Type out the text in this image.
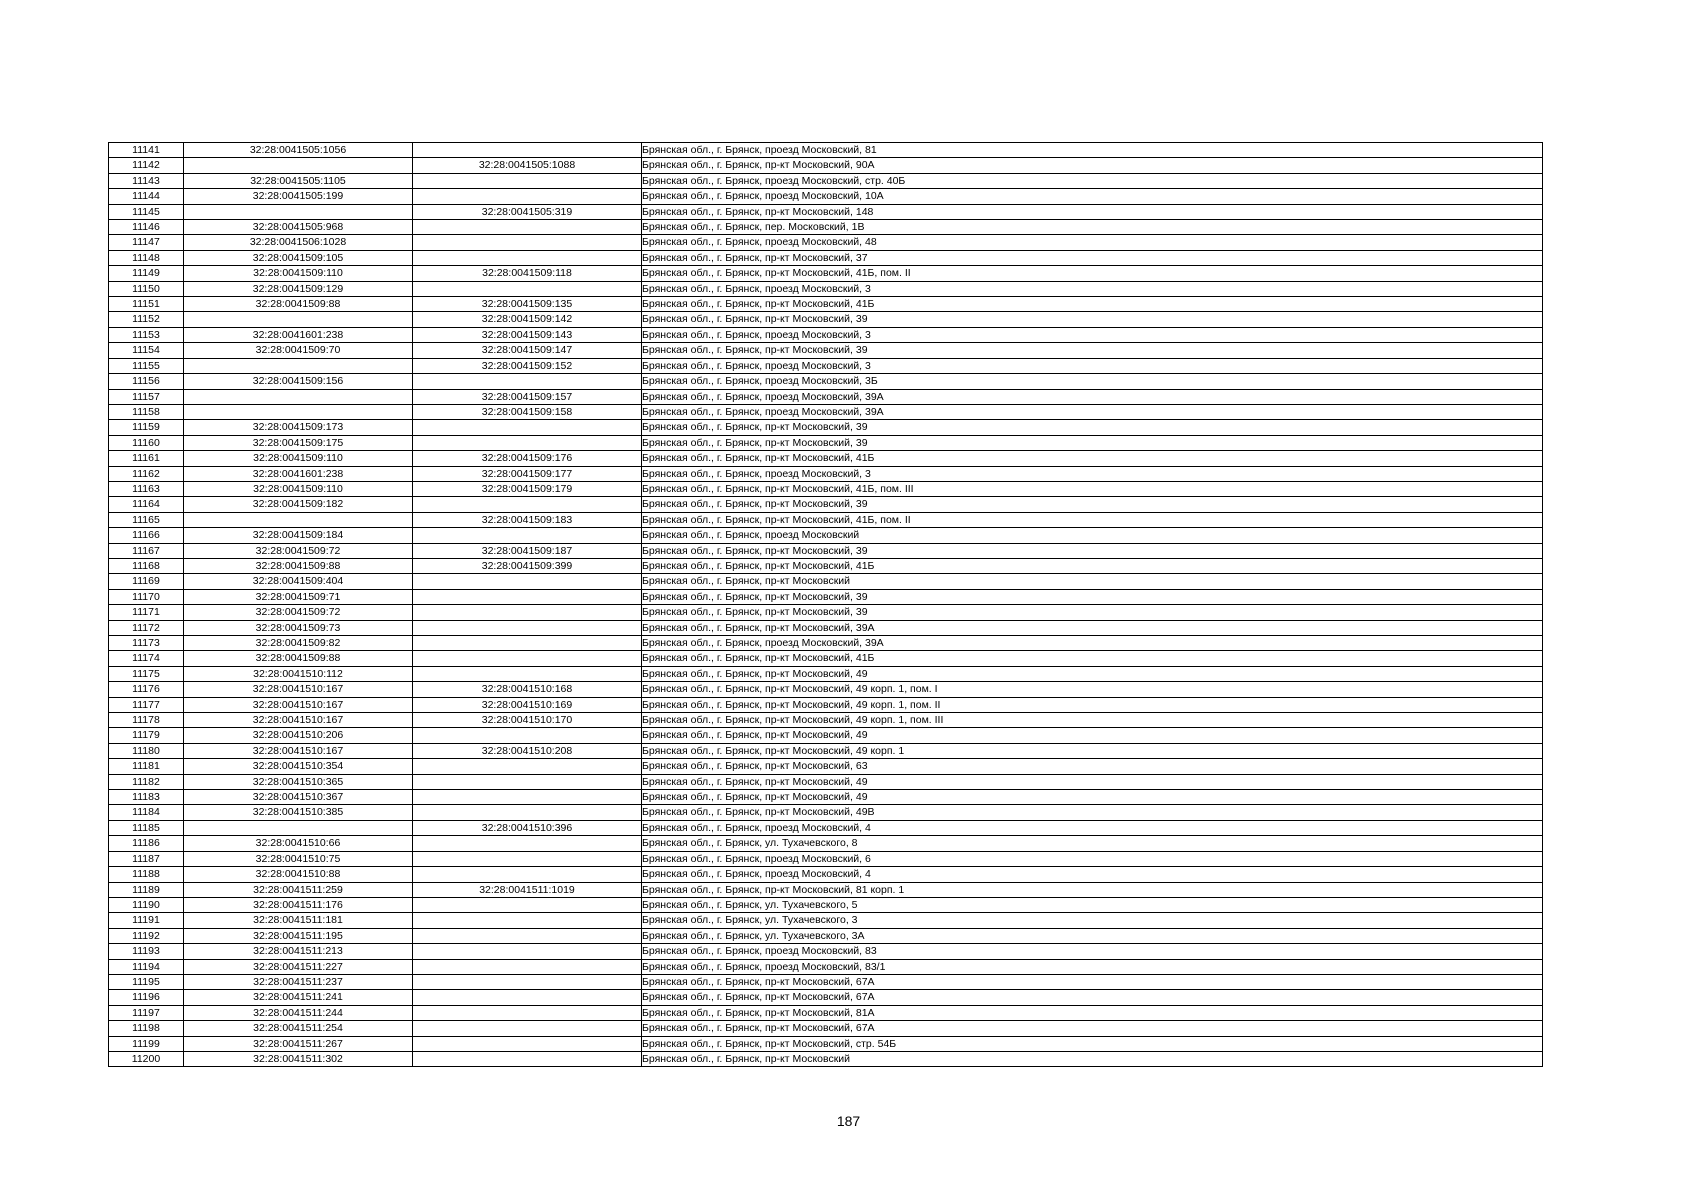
11141	32:28:0041505:1056		Брянская обл., г. Брянск, проезд Московский, 81
11142		32:28:0041505:1088	Брянская обл., г. Брянск, пр-кт Московский, 90А
11143	32:28:0041505:1105		Брянская обл., г. Брянск, проезд Московский, стр. 40Б
11144	32:28:0041505:199		Брянская обл., г. Брянск, проезд Московский, 10А
11145		32:28:0041505:319	Брянская обл., г. Брянск, пр-кт Московский, 148
11146	32:28:0041505:968		Брянская обл., г. Брянск, пер. Московский, 1В
11147	32:28:0041506:1028		Брянская обл., г. Брянск, проезд Московский, 48
11148	32:28:0041509:105		Брянская обл., г. Брянск, пр-кт Московский, 37
11149	32:28:0041509:110	32:28:0041509:118	Брянская обл., г. Брянск, пр-кт Московский, 41Б, пом. II
11150	32:28:0041509:129		Брянская обл., г. Брянск, проезд Московский, 3
11151	32:28:0041509:88	32:28:0041509:135	Брянская обл., г. Брянск, пр-кт Московский, 41Б
11152		32:28:0041509:142	Брянская обл., г. Брянск, пр-кт Московский, 39
11153	32:28:0041601:238	32:28:0041509:143	Брянская обл., г. Брянск, проезд Московский, 3
11154	32:28:0041509:70	32:28:0041509:147	Брянская обл., г. Брянск, пр-кт Московский, 39
11155		32:28:0041509:152	Брянская обл., г. Брянск, проезд Московский, 3
11156	32:28:0041509:156		Брянская обл., г. Брянск, проезд Московский, 3Б
11157		32:28:0041509:157	Брянская обл., г. Брянск, проезд Московский, 39А
11158		32:28:0041509:158	Брянская обл., г. Брянск, проезд Московский, 39А
11159	32:28:0041509:173		Брянская обл., г. Брянск, пр-кт Московский, 39
11160	32:28:0041509:175		Брянская обл., г. Брянск, пр-кт Московский, 39
11161	32:28:0041509:110	32:28:0041509:176	Брянская обл., г. Брянск, пр-кт Московский, 41Б
11162	32:28:0041601:238	32:28:0041509:177	Брянская обл., г. Брянск, проезд Московский, 3
11163	32:28:0041509:110	32:28:0041509:179	Брянская обл., г. Брянск, пр-кт Московский, 41Б, пом. III
11164	32:28:0041509:182		Брянская обл., г. Брянск, пр-кт Московский, 39
11165		32:28:0041509:183	Брянская обл., г. Брянск, пр-кт Московский, 41Б, пом. II
11166	32:28:0041509:184		Брянская обл., г. Брянск, проезд Московский
11167	32:28:0041509:72	32:28:0041509:187	Брянская обл., г. Брянск, пр-кт Московский, 39
11168	32:28:0041509:88	32:28:0041509:399	Брянская обл., г. Брянск, пр-кт Московский, 41Б
11169	32:28:0041509:404		Брянская обл., г. Брянск, пр-кт Московский
11170	32:28:0041509:71		Брянская обл., г. Брянск, пр-кт Московский, 39
11171	32:28:0041509:72		Брянская обл., г. Брянск, пр-кт Московский, 39
11172	32:28:0041509:73		Брянская обл., г. Брянск, пр-кт Московский, 39А
11173	32:28:0041509:82		Брянская обл., г. Брянск, проезд Московский, 39А
11174	32:28:0041509:88		Брянская обл., г. Брянск, пр-кт Московский, 41Б
11175	32:28:0041510:112		Брянская обл., г. Брянск, пр-кт Московский, 49
11176	32:28:0041510:167	32:28:0041510:168	Брянская обл., г. Брянск, пр-кт Московский, 49 корп. 1, пом. I
11177	32:28:0041510:167	32:28:0041510:169	Брянская обл., г. Брянск, пр-кт Московский, 49 корп. 1, пом. II
11178	32:28:0041510:167	32:28:0041510:170	Брянская обл., г. Брянск, пр-кт Московский, 49 корп. 1, пом. III
11179	32:28:0041510:206		Брянская обл., г. Брянск, пр-кт Московский, 49
11180	32:28:0041510:167	32:28:0041510:208	Брянская обл., г. Брянск, пр-кт Московский, 49 корп. 1
11181	32:28:0041510:354		Брянская обл., г. Брянск, пр-кт Московский, 63
11182	32:28:0041510:365		Брянская обл., г. Брянск, пр-кт Московский, 49
11183	32:28:0041510:367		Брянская обл., г. Брянск, пр-кт Московский, 49
11184	32:28:0041510:385		Брянская обл., г. Брянск, пр-кт Московский, 49В
11185		32:28:0041510:396	Брянская обл., г. Брянск, проезд Московский, 4
11186	32:28:0041510:66		Брянская обл., г. Брянск, ул. Тухачевского, 8
11187	32:28:0041510:75		Брянская обл., г. Брянск, проезд Московский, 6
11188	32:28:0041510:88		Брянская обл., г. Брянск, проезд Московский, 4
11189	32:28:0041511:259	32:28:0041511:1019	Брянская обл., г. Брянск, пр-кт Московский, 81 корп. 1
11190	32:28:0041511:176		Брянская обл., г. Брянск, ул. Тухачевского, 5
11191	32:28:0041511:181		Брянская обл., г. Брянск, ул. Тухачевского, 3
11192	32:28:0041511:195		Брянская обл., г. Брянск, ул. Тухачевского, 3А
11193	32:28:0041511:213		Брянская обл., г. Брянск, проезд Московский, 83
11194	32:28:0041511:227		Брянская обл., г. Брянск, проезд Московский, 83/1
11195	32:28:0041511:237		Брянская обл., г. Брянск, пр-кт Московский, 67А
11196	32:28:0041511:241		Брянская обл., г. Брянск, пр-кт Московский, 67А
11197	32:28:0041511:244		Брянская обл., г. Брянск, пр-кт Московский, 81А
11198	32:28:0041511:254		Брянская обл., г. Брянск, пр-кт Московский, 67А
11199	32:28:0041511:267		Брянская обл., г. Брянск, пр-кт Московский, стр. 54Б
11200	32:28:0041511:302		Брянская обл., г. Брянск, пр-кт Московский
187
